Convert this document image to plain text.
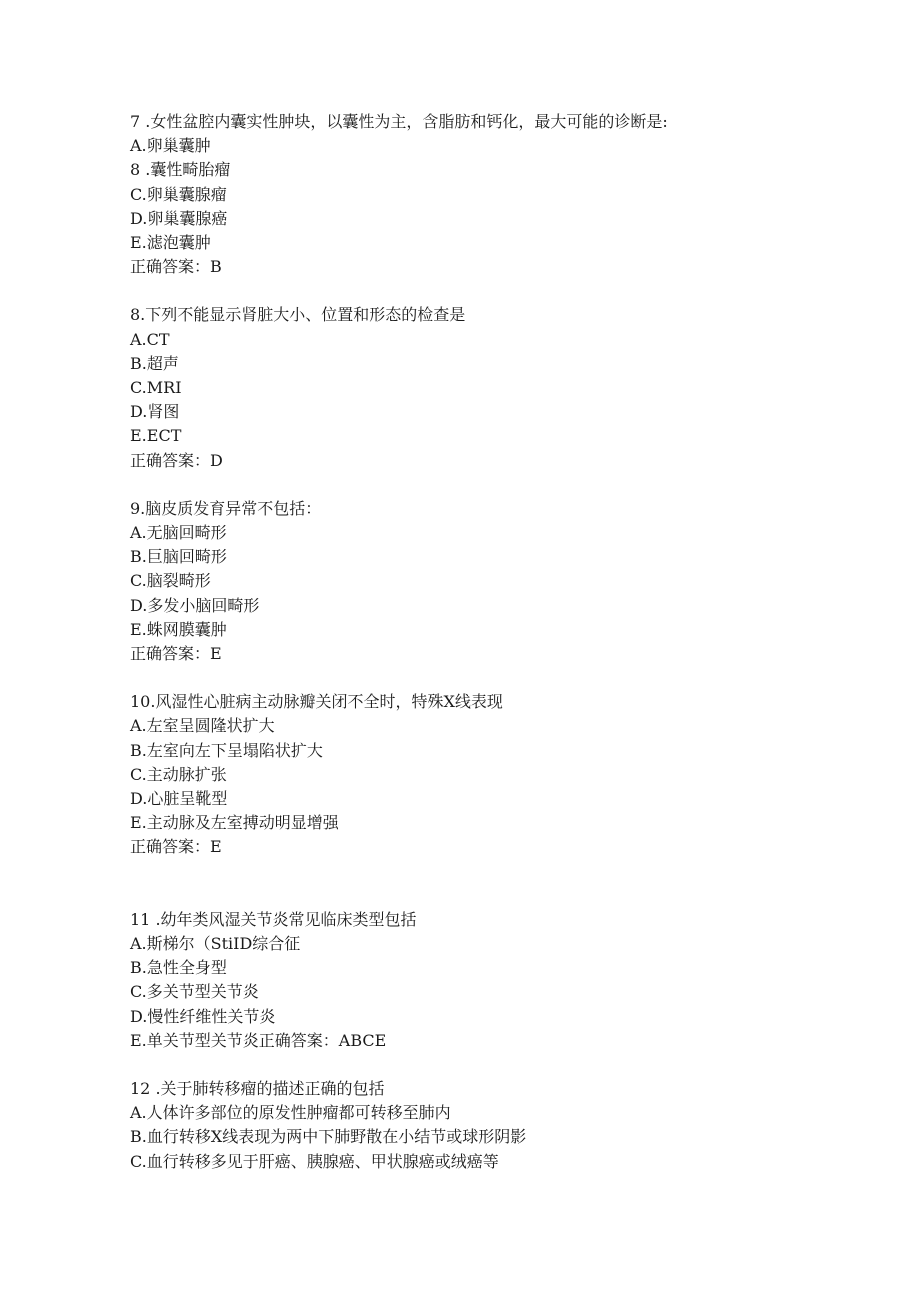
7 .女性盆腔内囊实性肿块，以囊性为主，含脂肪和钙化，最大可能的诊断是:
A.卵巢囊肿
8 .囊性畸胎瘤
C.卵巢囊腺瘤
D.卵巢囊腺癌
E.滤泡囊肿
正确答案：B
8.下列不能显示肾脏大小、位置和形态的检查是
A.CT
B.超声
C.MRI
D.肾图
E.ECT
正确答案：D
9.脑皮质发育异常不包括：
A.无脑回畸形
B.巨脑回畸形
C.脑裂畸形
D.多发小脑回畸形
E.蛛网膜囊肿
正确答案：E
10.风湿性心脏病主动脉瓣关闭不全时，特殊X线表现
A.左室呈圆隆状扩大
B.左室向左下呈塌陷状扩大
C.主动脉扩张
D.心脏呈靴型
E.主动脉及左室搏动明显增强
正确答案：E
11 .幼年类风湿关节炎常见临床类型包括
A.斯梯尔（StiID综合征
B.急性全身型
C.多关节型关节炎
D.慢性纤维性关节炎
E.单关节型关节炎正确答案：ABCE
12 .关于肺转移瘤的描述正确的包括
A.人体许多部位的原发性肿瘤都可转移至肺内
B.血行转移X线表现为两中下肺野散在小结节或球形阴影
C.血行转移多见于肝癌、胰腺癌、甲状腺癌或绒癌等
